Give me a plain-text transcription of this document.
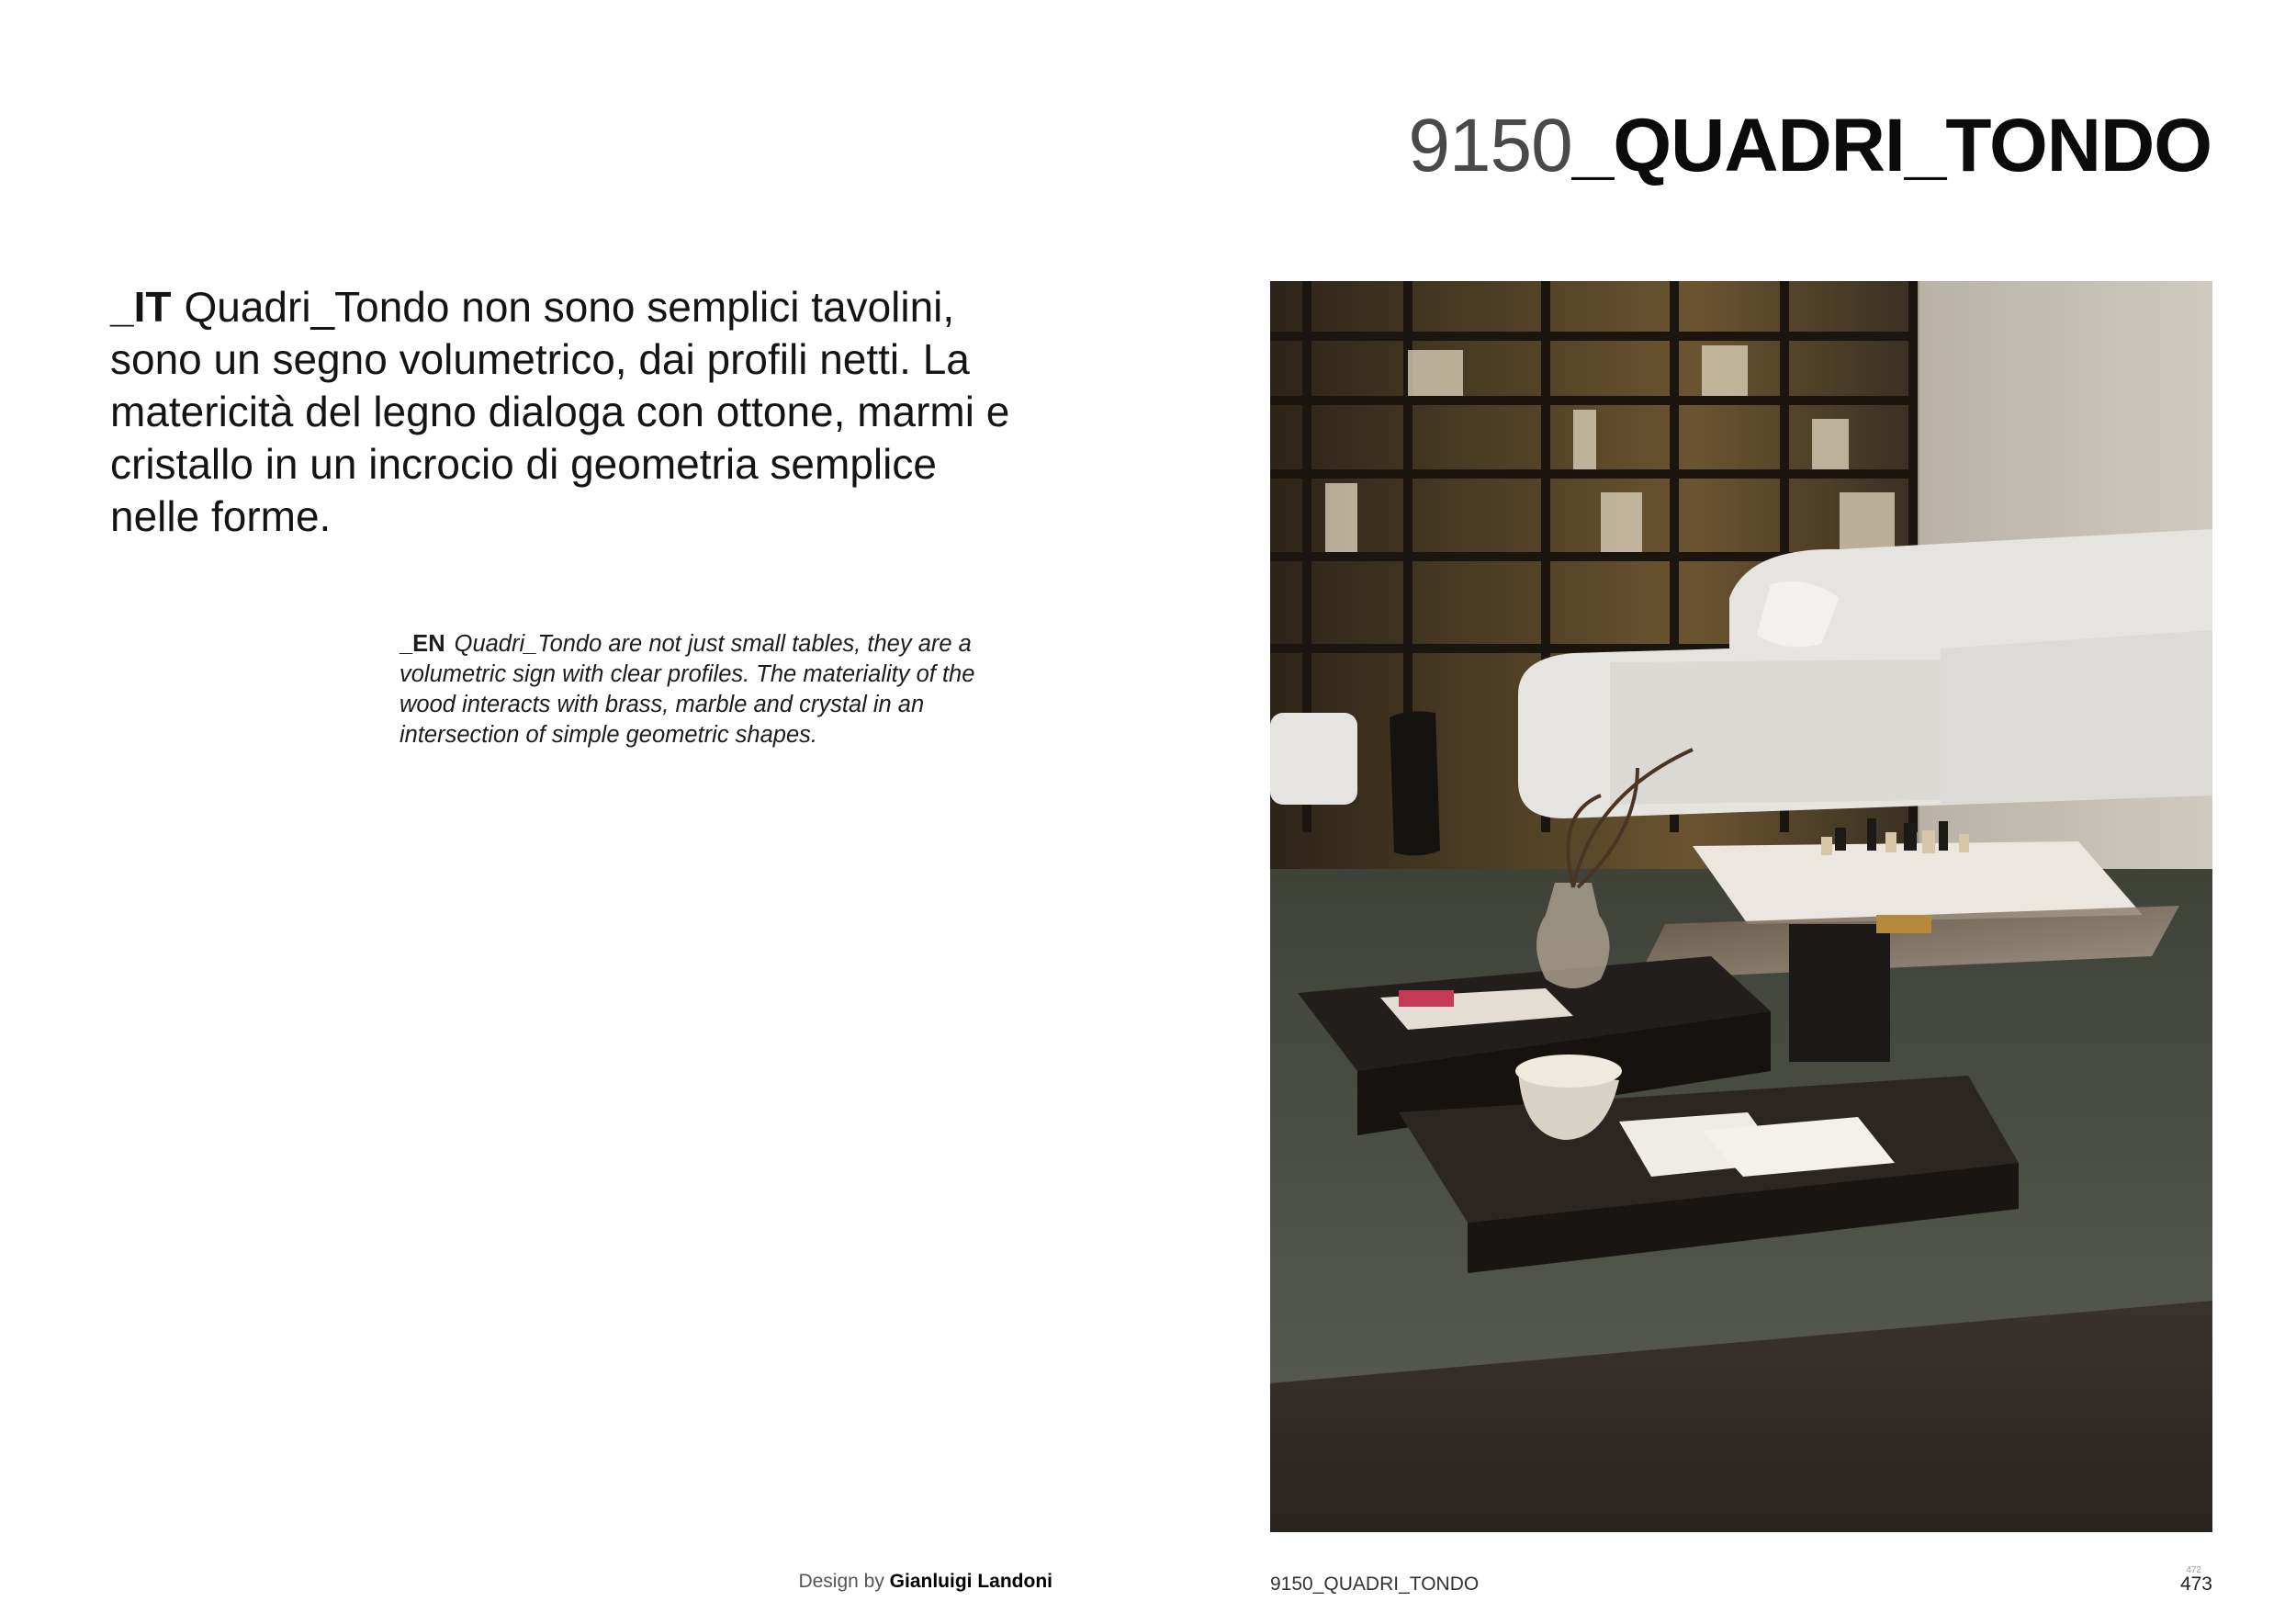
9150_QUADRI_TONDO

_IT Quadri_Tondo non sono semplici tavolini, sono un segno volumetrico, dai profili netti. La matericità del legno dialoga con ottone, marmi e cristallo in un incrocio di geometria semplice nelle forme.

_EN Quadri_Tondo are not just small tables, they are a volumetric sign with clear profiles. The materiality of the wood interacts with brass, marble and crystal in an intersection of simple geometric shapes.

Design by Gianluigi Landoni	9150_QUADRI_TONDO
472
473
